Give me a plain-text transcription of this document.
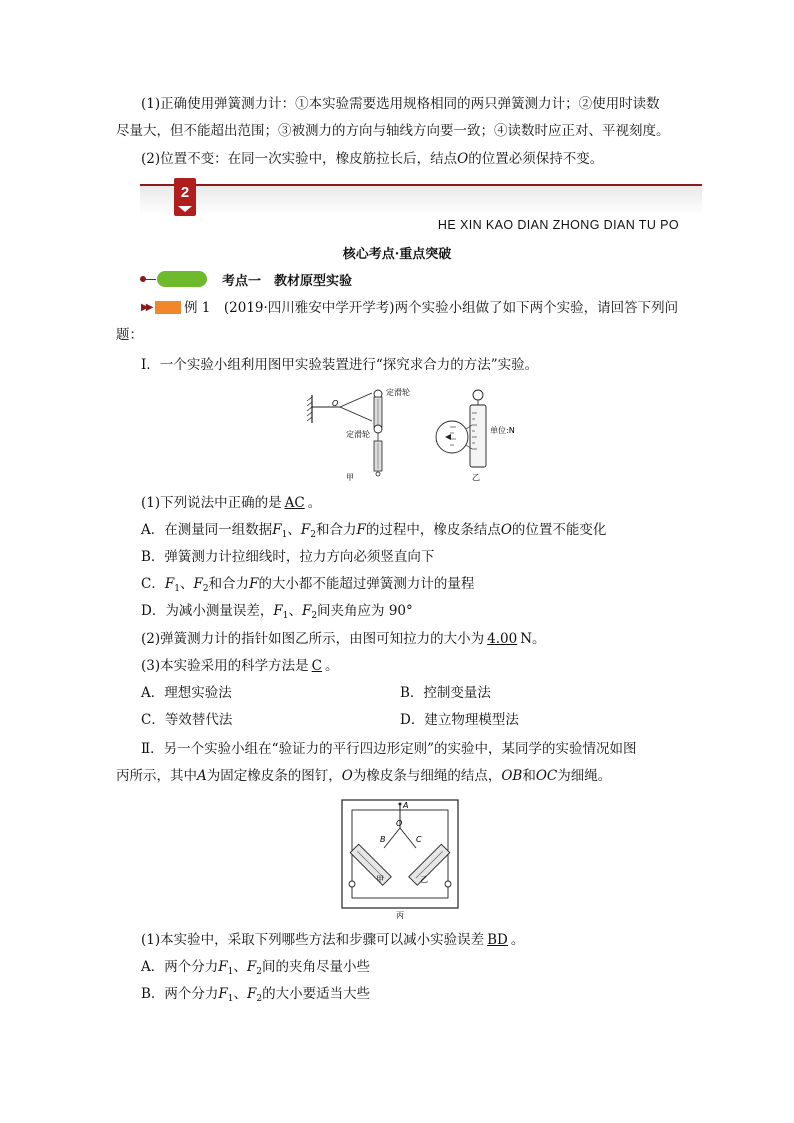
(1)正确使用弹簧测力计：①本实验需要选用规格相同的两只弹簧测力计；②使用时读数
尽量大，但不能超出范围；③被测力的方向与轴线方向要一致；④读数时应正对、平视刻度。
(2)位置不变：在同一次实验中，橡皮筋拉长后，结点O的位置必须保持不变。
2
HE XIN KAO DIAN ZHONG DIAN TU PO
核心考点·重点突破
考点一　教材原型实验
▶▶ 例 1　 (2019·四川雅安中学开学考)两个实验小组做了如下两个实验，请回答下列问
题：
Ⅰ．一个实验小组利用图甲实验装置进行“探究求合力的方法”实验。
定滑轮
定滑轮
O
甲
单位:N
乙
(1)下列说法中正确的是 AC 。
A．在测量同一组数据$F_1$、$F_2$和合力F的过程中，橡皮条结点O的位置不能变化
B．弹簧测力计拉细线时，拉力方向必须竖直向下
C．$F_1$、$F_2$和合力F的大小都不能超过弹簧测力计的量程
D．为减小测量误差，$F_1$、$F_2$间夹角应为 90°
(2)弹簧测力计的指针如图乙所示，由图可知拉力的大小为 4.00 N。
(3)本实验采用的科学方法是 C 。
A．理想实验法	B．控制变量法
C．等效替代法	D．建立物理模型法
Ⅱ．另一个实验小组在“验证力的平行四边形定则”的实验中，某同学的实验情况如图
丙所示，其中A为固定橡皮条的图钉，O为橡皮条与细绳的结点，OB和OC为细绳。
A
O
B	C
甲	乙
丙
(1)本实验中，采取下列哪些方法和步骤可以减小实验误差 BD 。
A．两个分力$F_1$、$F_2$间的夹角尽量小些
B．两个分力$F_1$、$F_2$的大小要适当大些
